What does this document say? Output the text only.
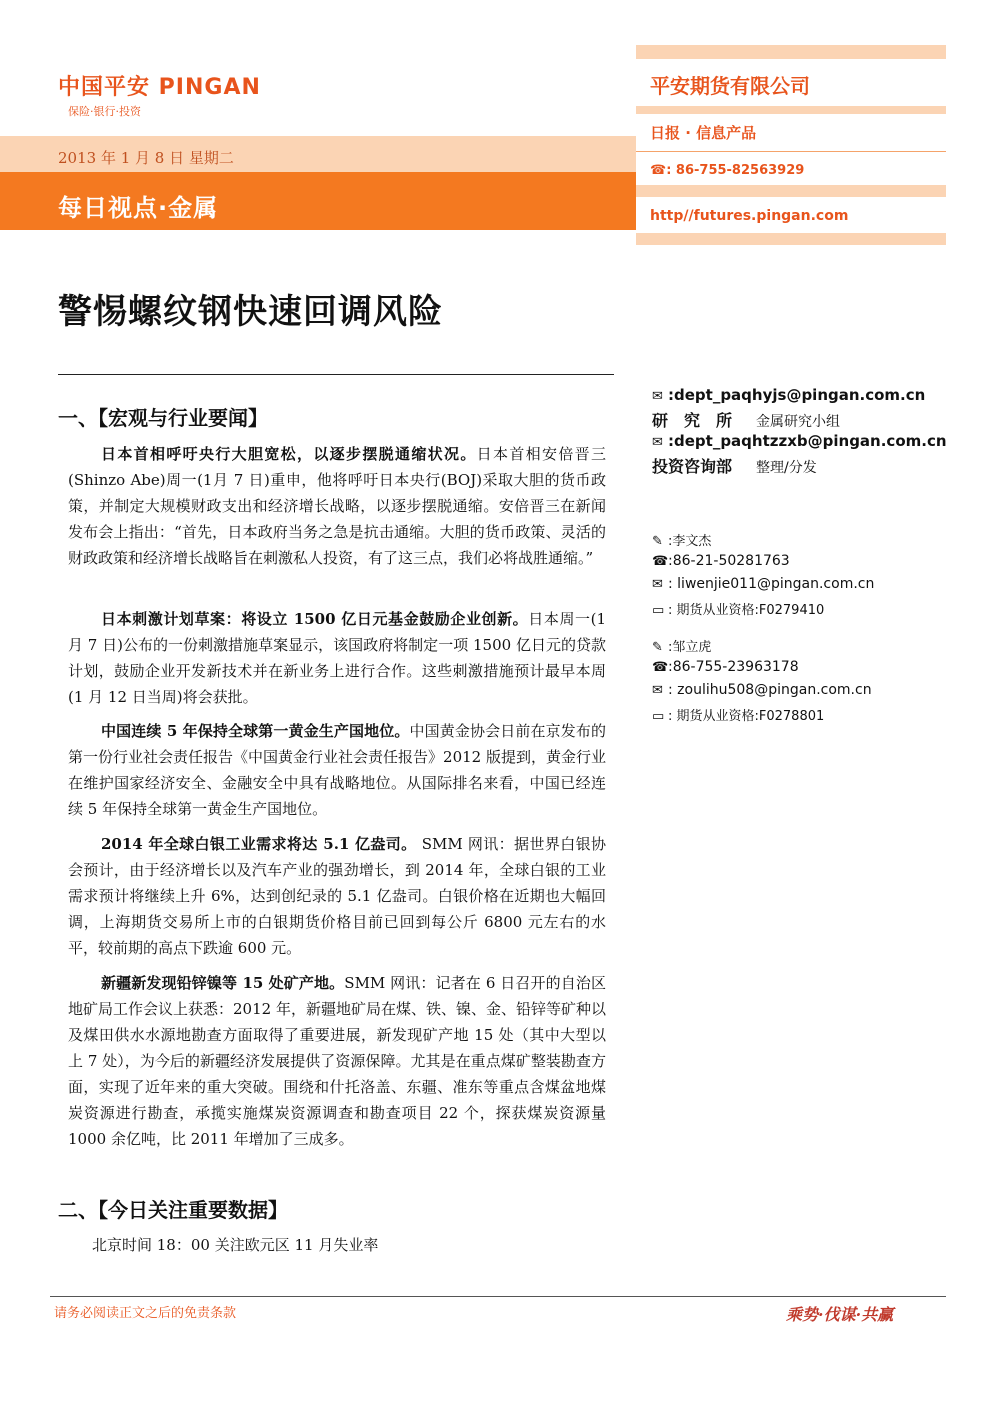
中国平安 PINGAN
保险·银行·投资
2013 年 1 月 8 日 星期二
每日视点·金属
平安期货有限公司
日报 · 信息产品
☎: 86-755-82563929
http//futures.pingan.com
警惕螺纹钢快速回调风险
一、【宏观与行业要闻】
日本首相呼吁央行大胆宽松，以逐步摆脱通缩状况。日本首相安倍晋三(Shinzo Abe)周一(1月 7 日)重申，他将呼吁日本央行(BOJ)采取大胆的货币政策，并制定大规模财政支出和经济增长战略，以逐步摆脱通缩。安倍晋三在新闻发布会上指出：“首先，日本政府当务之急是抗击通缩。大胆的货币政策、灵活的财政政策和经济增长战略旨在刺激私人投资，有了这三点，我们必将战胜通缩。”
日本刺激计划草案：将设立 1500 亿日元基金鼓励企业创新。日本周一(1 月 7 日)公布的一份刺激措施草案显示，该国政府将制定一项 1500 亿日元的贷款计划，鼓励企业开发新技术并在新业务上进行合作。这些刺激措施预计最早本周(1 月 12 日当周)将会获批。
中国连续 5 年保持全球第一黄金生产国地位。中国黄金协会日前在京发布的第一份行业社会责任报告《中国黄金行业社会责任报告》2012 版提到，黄金行业在维护国家经济安全、金融安全中具有战略地位。从国际排名来看，中国已经连续 5 年保持全球第一黄金生产国地位。
2014 年全球白银工业需求将达 5.1 亿盎司。 SMM 网讯：据世界白银协会预计，由于经济增长以及汽车产业的强劲增长，到 2014 年，全球白银的工业需求预计将继续上升 6%，达到创纪录的 5.1 亿盎司。白银价格在近期也大幅回调，上海期货交易所上市的白银期货价格目前已回到每公斤 6800 元左右的水平，较前期的高点下跌逾 600 元。
新疆新发现铅锌镍等 15 处矿产地。SMM 网讯：记者在 6 日召开的自治区地矿局工作会议上获悉：2012 年，新疆地矿局在煤、铁、镍、金、铅锌等矿种以及煤田供水水源地勘查方面取得了重要进展，新发现矿产地 15 处（其中大型以上 7 处），为今后的新疆经济发展提供了资源保障。尤其是在重点煤矿整装勘查方面，实现了近年来的重大突破。围绕和什托洛盖、东疆、准东等重点含煤盆地煤炭资源进行勘查，承揽实施煤炭资源调查和勘查项目 22 个，探获煤炭资源量 1000 余亿吨，比 2011 年增加了三成多。
二、【今日关注重要数据】
北京时间 18：00 关注欧元区 11 月失业率
✉ :dept_paqhyjs@pingan.com.cn
研　究　所 金属研究小组
✉ :dept_paqhtzzxb@pingan.com.cn
投资咨询部 整理/分发
✎ :李文杰
☎:86-21-50281763
✉ : liwenjie011@pingan.com.cn
▭ : 期货从业资格:F0279410
✎ :邹立虎
☎:86-755-23963178
✉ : zoulihu508@pingan.com.cn
▭ : 期货从业资格:F0278801
请务必阅读正文之后的免责条款	乘势·伐谋·共赢
